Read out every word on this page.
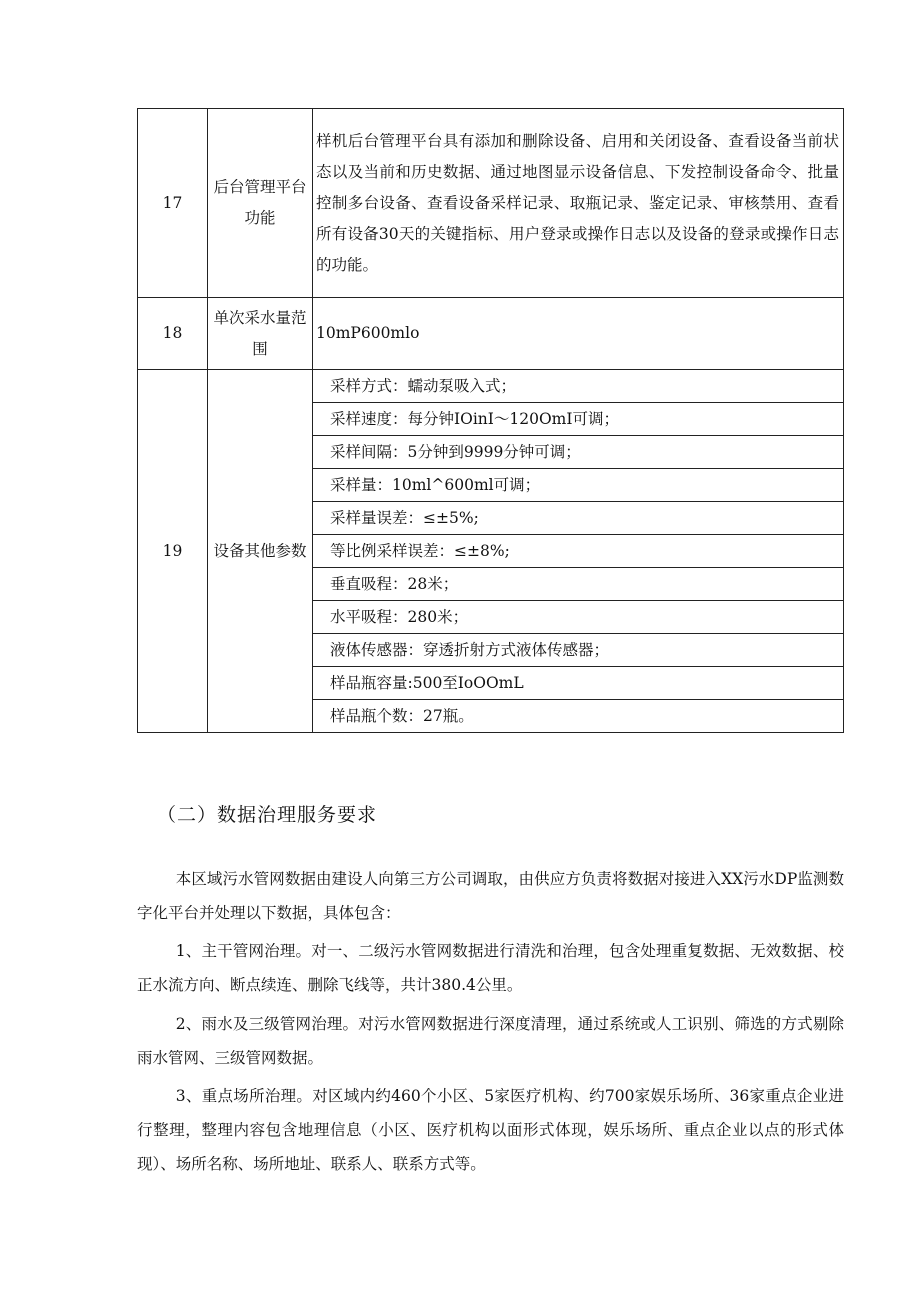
17	后台管理平台功能	样机后台管理平台具有添加和删除设备、启用和关闭设备、查看设备当前状态以及当前和历史数据、通过地图显示设备信息、下发控制设备命令、批量控制多台设备、查看设备采样记录、取瓶记录、鉴定记录、审核禁用、查看所有设备30天的关键指标、用户登录或操作日志以及设备的登录或操作日志的功能。
18	单次采水量范围	10mP600mlo
19	设备其他参数	采样方式：蠕动泵吸入式；
		采样速度：每分钟IOinI～120OmI可调；
		采样间隔：5分钟到9999分钟可调；
		采样量：10ml^600ml可调；
		采样量误差：≤±5%;
		等比例采样误差：≤±8%;
		垂直吸程：28米；
		水平吸程：280米；
		液体传感器：穿透折射方式液体传感器；
		样品瓶容量:500至IoOOmL
		样品瓶个数：27瓶。
（二）数据治理服务要求

本区域污水管网数据由建设人向第三方公司调取，由供应方负责将数据对接进入XX污水DP监测数字化平台并处理以下数据，具体包含：

1、主干管网治理。对一、二级污水管网数据进行清洗和治理，包含处理重复数据、无效数据、校正水流方向、断点续连、删除飞线等，共计380.4公里。

2、雨水及三级管网治理。对污水管网数据进行深度清理，通过系统或人工识别、筛选的方式剔除雨水管网、三级管网数据。

3、重点场所治理。对区域内约460个小区、5家医疗机构、约700家娱乐场所、36家重点企业进行整理，整理内容包含地理信息（小区、医疗机构以面形式体现，娱乐场所、重点企业以点的形式体现）、场所名称、场所地址、联系人、联系方式等。
